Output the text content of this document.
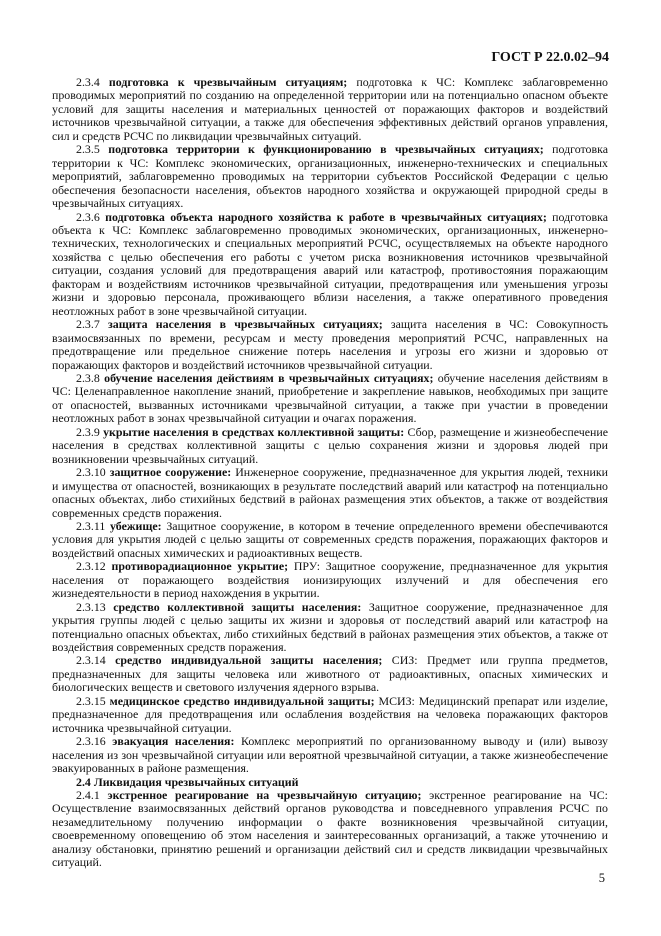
ГОСТ Р 22.0.02–94

2.3.4 подготовка к чрезвычайным ситуациям; подготовка к ЧС: Комплекс заблаговременно проводимых мероприятий по созданию на определенной территории или на потенциально опасном объекте условий для защиты населения и материальных ценностей от поражающих факторов и воздействий источников чрезвычайной ситуации, а также для обеспечения эффективных действий органов управления, сил и средств РСЧС по ликвидации чрезвычайных ситуаций.

2.3.5 подготовка территории к функционированию в чрезвычайных ситуациях; подготовка территории к ЧС: Комплекс экономических, организационных, инженерно-технических и специальных мероприятий, заблаговременно проводимых на территории субъектов Российской Федерации с целью обеспечения безопасности населения, объектов народного хозяйства и окружающей природной среды в чрезвычайных ситуациях.

2.3.6 подготовка объекта народного хозяйства к работе в чрезвычайных ситуациях; подготовка объекта к ЧС: Комплекс заблаговременно проводимых экономических, организационных, инженерно-технических, технологических и специальных мероприятий РСЧС, осуществляемых на объекте народного хозяйства с целью обеспечения его работы с учетом риска возникновения источников чрезвычайной ситуации, создания условий для предотвращения аварий или катастроф, противостояния поражающим факторам и воздействиям источников чрезвычайной ситуации, предотвращения или уменьшения угрозы жизни и здоровью персонала, проживающего вблизи населения, а также оперативного проведения неотложных работ в зоне чрезвычайной ситуации.

2.3.7 защита населения в чрезвычайных ситуациях; защита населения в ЧС: Совокупность взаимосвязанных по времени, ресурсам и месту проведения мероприятий РСЧС, направленных на предотвращение или предельное снижение потерь населения и угрозы его жизни и здоровью от поражающих факторов и воздействий источников чрезвычайной ситуации.

2.3.8 обучение населения действиям в чрезвычайных ситуациях; обучение населения действиям в ЧС: Целенаправленное накопление знаний, приобретение и закрепление навыков, необходимых при защите от опасностей, вызванных источниками чрезвычайной ситуации, а также при участии в проведении неотложных работ в зонах чрезвычайной ситуации и очагах поражения.

2.3.9 укрытие населения в средствах коллективной защиты: Сбор, размещение и жизнеобеспечение населения в средствах коллективной защиты с целью сохранения жизни и здоровья людей при возникновении чрезвычайных ситуаций.

2.3.10 защитное сооружение: Инженерное сооружение, предназначенное для укрытия людей, техники и имущества от опасностей, возникающих в результате последствий аварий или катастроф на потенциально опасных объектах, либо стихийных бедствий в районах размещения этих объектов, а также от воздействия современных средств поражения.

2.3.11 убежище: Защитное сооружение, в котором в течение определенного времени обеспечиваются условия для укрытия людей с целью защиты от современных средств поражения, поражающих факторов и воздействий опасных химических и радиоактивных веществ.

2.3.12 противорадиационное укрытие; ПРУ: Защитное сооружение, предназначенное для укрытия населения от поражающего воздействия ионизирующих излучений и для обеспечения его жизнедеятельности в период нахождения в укрытии.

2.3.13 средство коллективной защиты населения: Защитное сооружение, предназначенное для укрытия группы людей с целью защиты их жизни и здоровья от последствий аварий или катастроф на потенциально опасных объектах, либо стихийных бедствий в районах размещения этих объектов, а также от воздействия современных средств поражения.

2.3.14 средство индивидуальной защиты населения; СИЗ: Предмет или группа предметов, предназначенных для защиты человека или животного от радиоактивных, опасных химических и биологических веществ и светового излучения ядерного взрыва.

2.3.15 медицинское средство индивидуальной защиты; МСИЗ: Медицинский препарат или изделие, предназначенное для предотвращения или ослабления воздействия на человека поражающих факторов источника чрезвычайной ситуации.

2.3.16 эвакуация населения: Комплекс мероприятий по организованному выводу и (или) вывозу населения из зон чрезвычайной ситуации или вероятной чрезвычайной ситуации, а также жизнеобеспечение эвакуированных в районе размещения.

2.4 Ликвидация чрезвычайных ситуаций

2.4.1 экстренное реагирование на чрезвычайную ситуацию; экстренное реагирование на ЧС: Осуществление взаимосвязанных действий органов руководства и повседневного управления РСЧС по незамедлительному получению информации о факте возникновения чрезвычайной ситуации, своевременному оповещению об этом населения и заинтересованных организаций, а также уточнению и анализу обстановки, принятию решений и организации действий сил и средств ликвидации чрезвычайных ситуаций.

5
